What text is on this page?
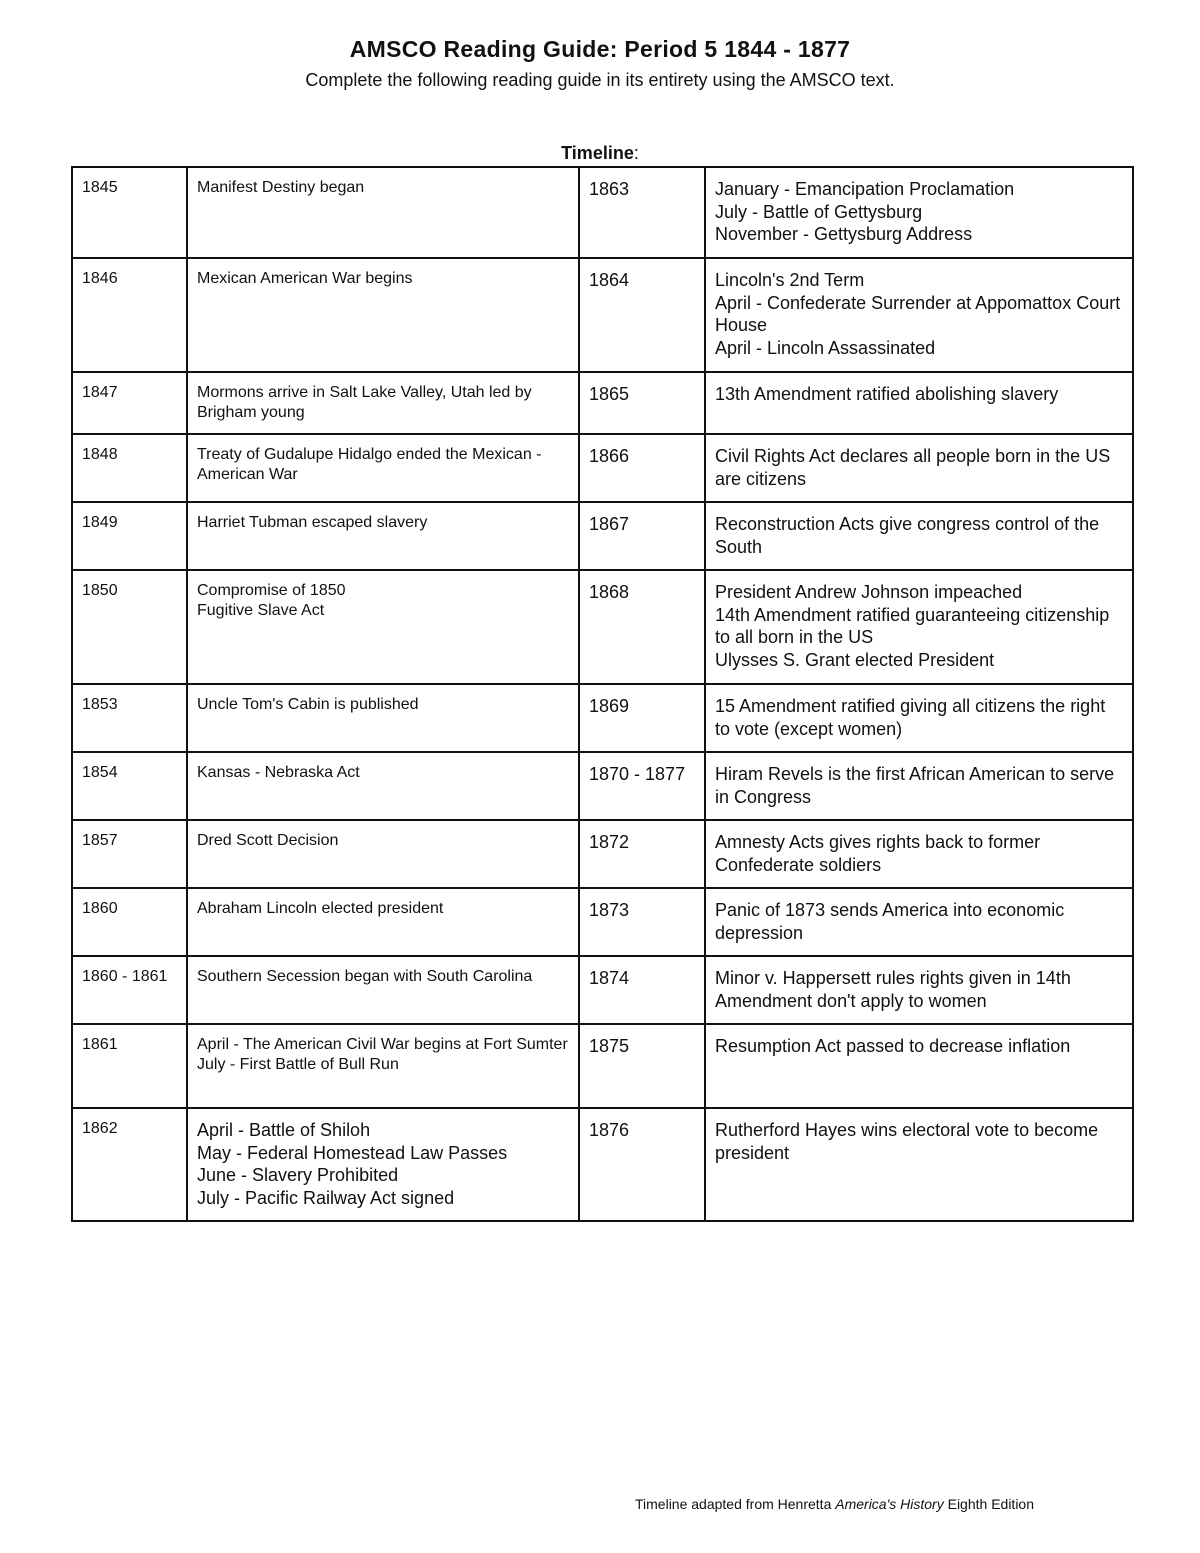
AMSCO Reading Guide: Period 5 1844 - 1877
Complete the following reading guide in its entirety using the AMSCO text.
Timeline:
1845	Manifest Destiny began	1863	January - Emancipation Proclamation
July - Battle of Gettysburg
November - Gettysburg Address

1846	Mexican American War begins	1864	Lincoln's 2nd Term
April - Confederate Surrender at Appomattox Court House
April - Lincoln Assassinated

1847	Mormons arrive in Salt Lake Valley, Utah led by Brigham young	1865	13th Amendment ratified abolishing slavery

1848	Treaty of Gudalupe Hidalgo ended the Mexican - American War	1866	Civil Rights Act declares all people born in the US are citizens

1849	Harriet Tubman escaped slavery	1867	Reconstruction Acts give congress control of the South

1850	Compromise of 1850
Fugitive Slave Act	1868	President Andrew Johnson impeached
14th Amendment ratified guaranteeing citizenship to all born in the US
Ulysses S. Grant elected President

1853	Uncle Tom's Cabin is published	1869	15 Amendment ratified giving all citizens the right to vote (except women)

1854	Kansas - Nebraska Act	1870 - 1877	Hiram Revels is the first African American to serve in Congress

1857	Dred Scott Decision	1872	Amnesty Acts gives rights back to former Confederate soldiers

1860	Abraham Lincoln elected president	1873	Panic of 1873 sends America into economic depression

1860 - 1861	Southern Secession began with South Carolina	1874	Minor v. Happersett rules rights given in 14th Amendment don't apply to women

1861	April - The American Civil War begins at Fort Sumter
July - First Battle of Bull Run	1875	Resumption Act passed to decrease inflation

1862	April - Battle of Shiloh
May - Federal Homestead Law Passes
June - Slavery Prohibited
July - Pacific Railway Act signed	1876	Rutherford Hayes wins electoral vote to become president
Timeline adapted from Henretta America's History Eighth Edition
